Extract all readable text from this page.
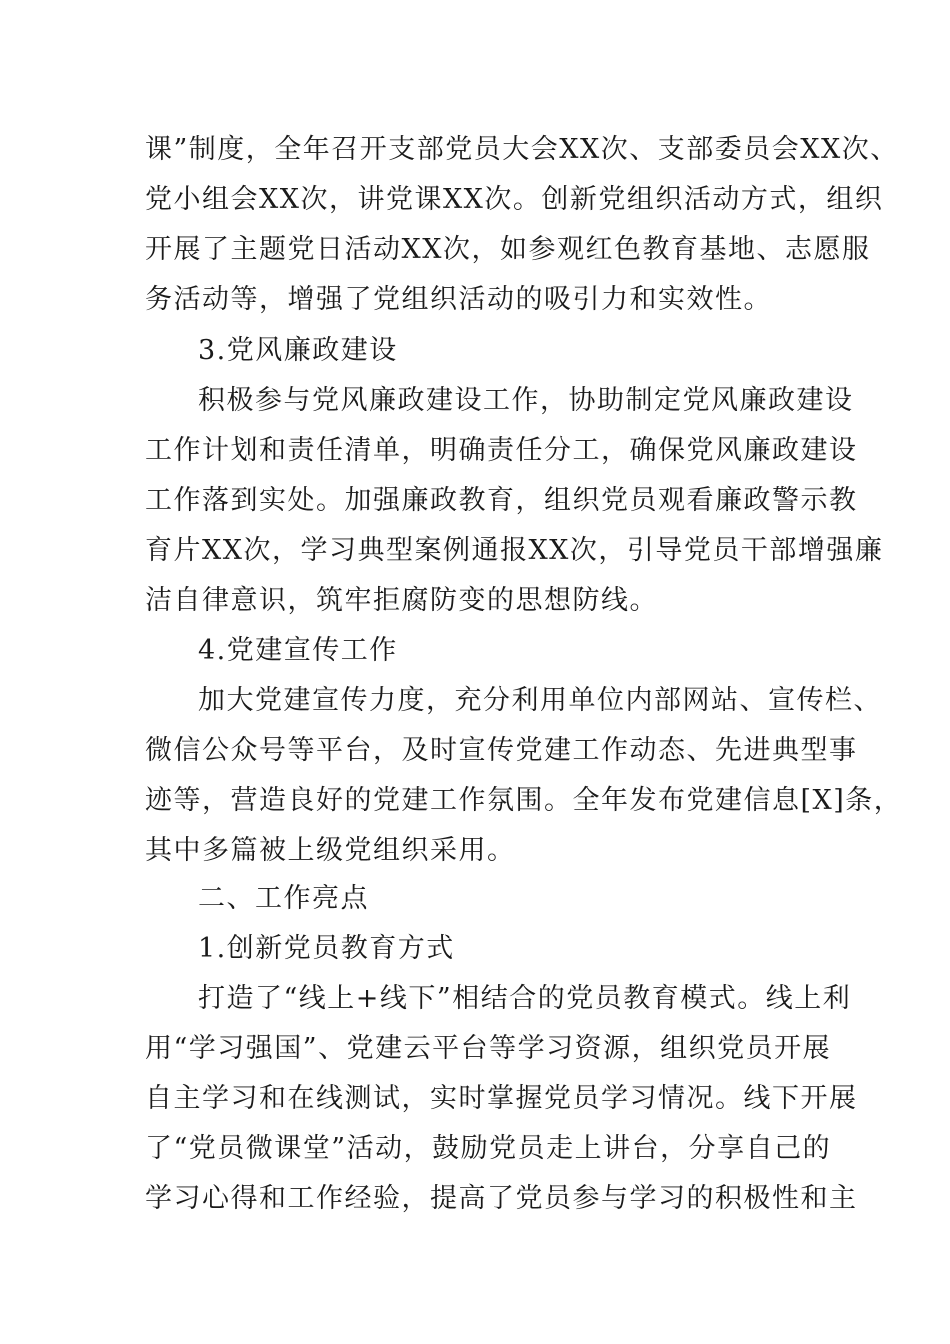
课”制度，全年召开支部党员大会XX次、支部委员会XX次、
党小组会XX次，讲党课XX次。创新党组织活动方式，组织
开展了主题党日活动XX次，如参观红色教育基地、志愿服
务活动等，增强了党组织活动的吸引力和实效性。
3.党风廉政建设
积极参与党风廉政建设工作，协助制定党风廉政建设
工作计划和责任清单，明确责任分工，确保党风廉政建设
工作落到实处。加强廉政教育，组织党员观看廉政警示教
育片XX次，学习典型案例通报XX次，引导党员干部增强廉
洁自律意识，筑牢拒腐防变的思想防线。
4.党建宣传工作
加大党建宣传力度，充分利用单位内部网站、宣传栏、
微信公众号等平台，及时宣传党建工作动态、先进典型事
迹等，营造良好的党建工作氛围。全年发布党建信息[X]条，
其中多篇被上级党组织采用。
二、工作亮点
1.创新党员教育方式
打造了“线上+线下”相结合的党员教育模式。线上利
用“学习强国”、党建云平台等学习资源，组织党员开展
自主学习和在线测试，实时掌握党员学习情况。线下开展
了“党员微课堂”活动，鼓励党员走上讲台，分享自己的
学习心得和工作经验，提高了党员参与学习的积极性和主
